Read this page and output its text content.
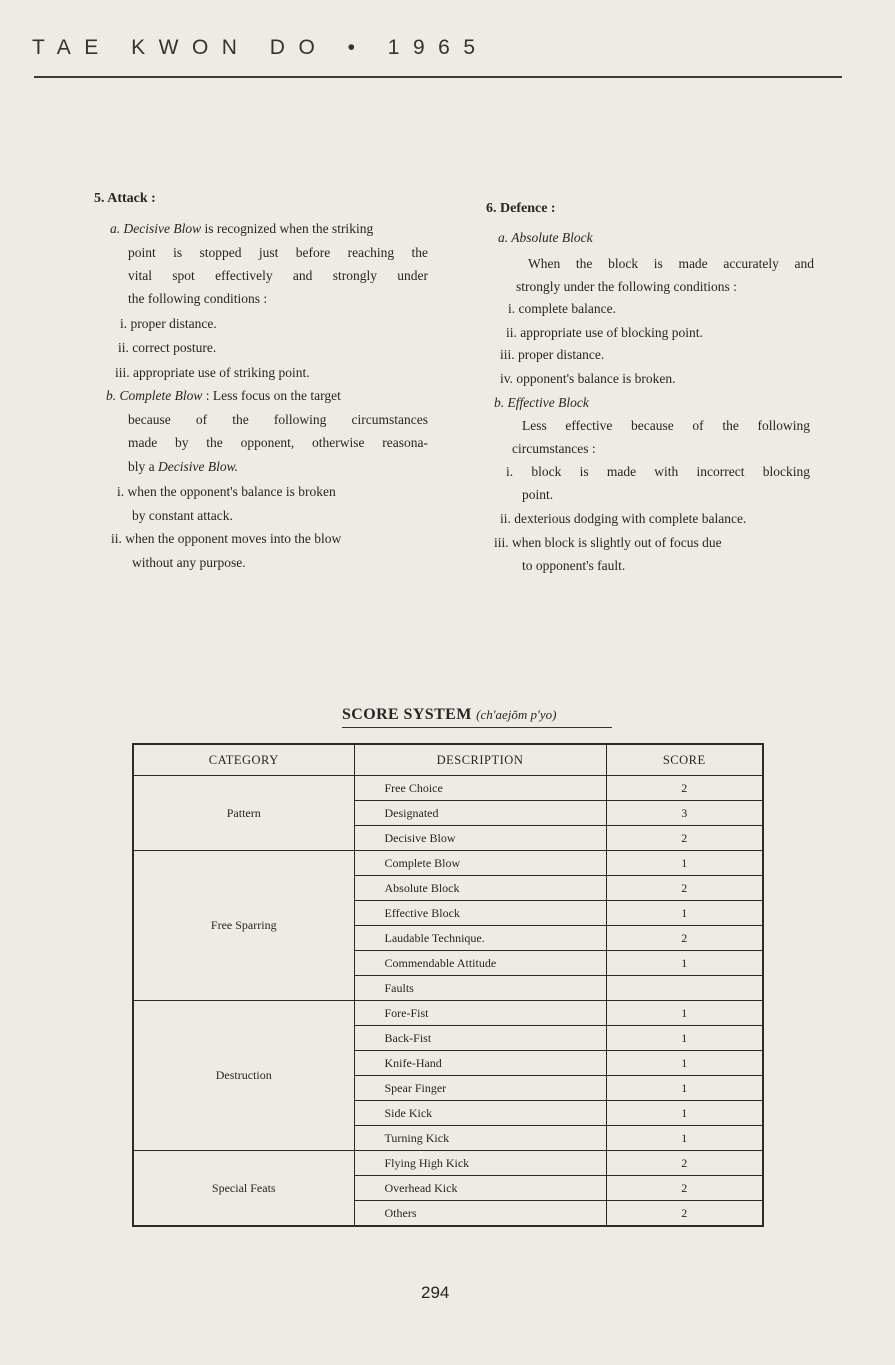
TAE KWON DO • 1965
5. Attack :
a. Decisive Blow is recognized when the striking
point is stopped just before reaching the
vital spot effectively and strongly under
the following conditions :
i. proper distance.
ii. correct posture.
iii. appropriate use of striking point.
b. Complete Blow : Less focus on the target
because of the following circumstances
made by the opponent, otherwise reasona-
bly a Decisive Blow.
i. when the opponent's balance is broken
by constant attack.
ii. when the opponent moves into the blow
without any purpose.
6. Defence :
a. Absolute Block
When the block is made accurately and
strongly under the following conditions :
i. complete balance.
ii. appropriate use of blocking point.
iii. proper distance.
iv. opponent's balance is broken.
b. Effective Block
Less effective because of the following
circumstances :
i. block is made with incorrect blocking
point.
ii. dexterious dodging with complete balance.
iii. when block is slightly out of focus due
to opponent's fault.
SCORE SYSTEM (ch'aejŏm p'yo)
CATEGORY	DESCRIPTION	SCORE
Pattern	Free Choice	2
	Designated	3
	Decisive Blow	2
Free Sparring	Complete Blow	1
	Absolute Block	2
	Effective Block	1
	Laudable Technique.	2
	Commendable Attitude	1
	Faults	
Destruction	Fore-Fist	1
	Back-Fist	1
	Knife-Hand	1
	Spear Finger	1
	Side Kick	1
	Turning Kick	1
Special Feats	Flying High Kick	2
	Overhead Kick	2
	Others	2
294
